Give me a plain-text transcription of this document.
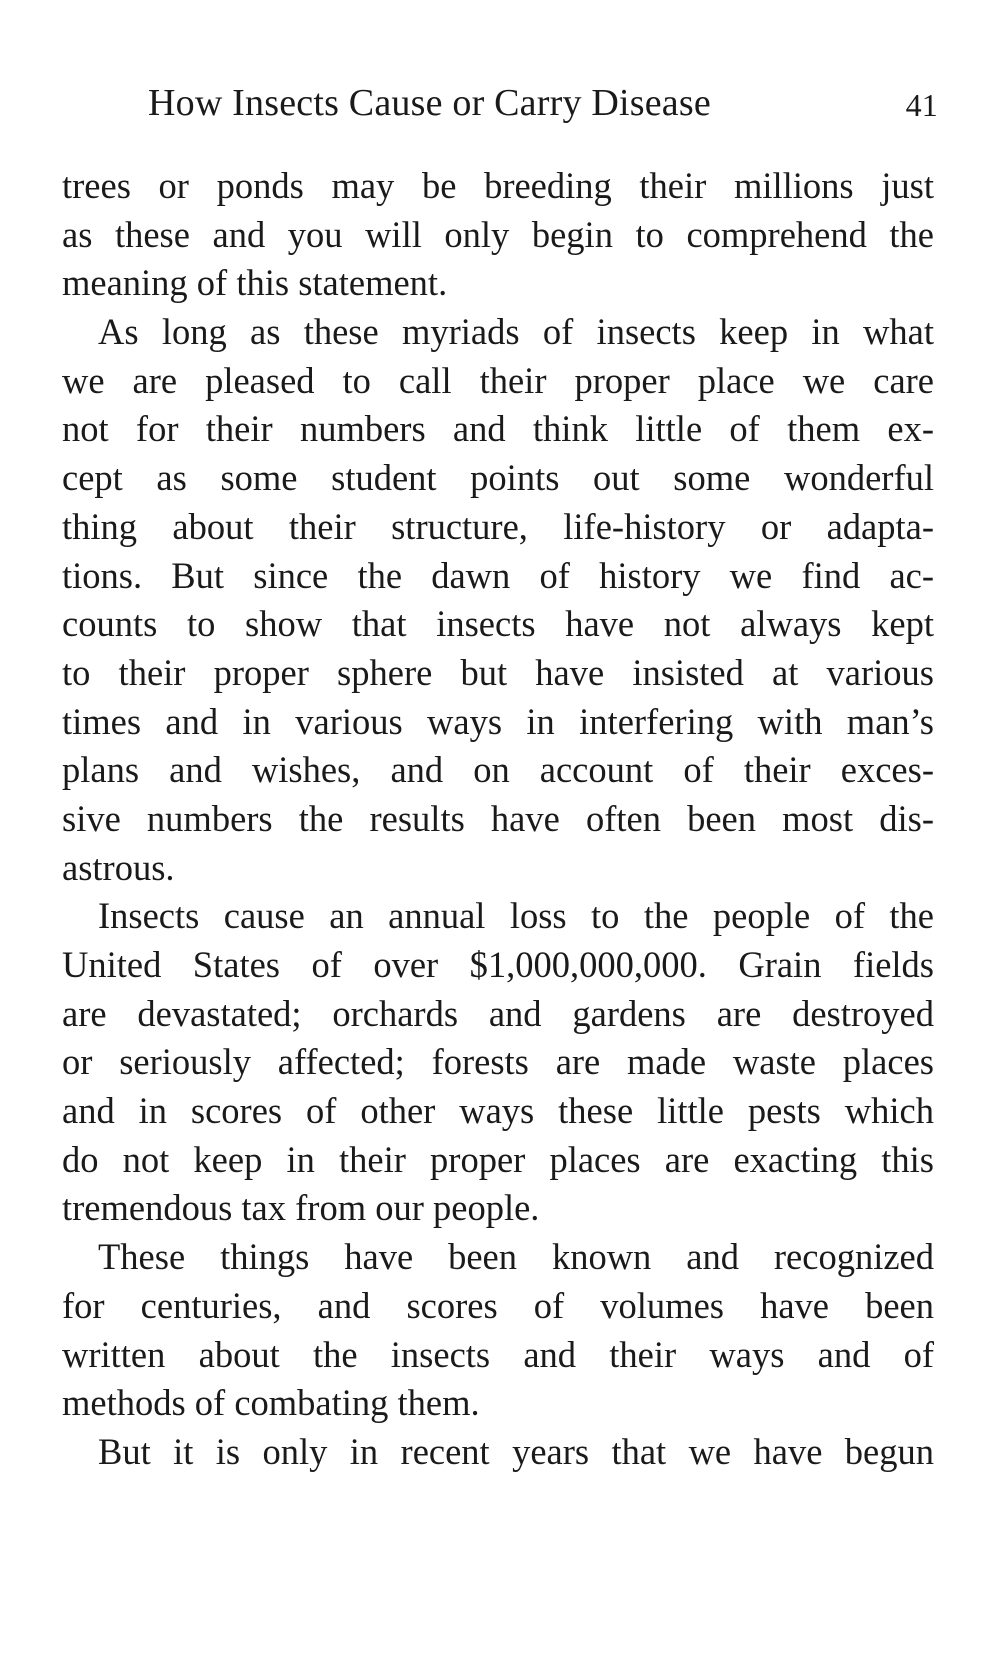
How Insects Cause or Carry Disease	41
trees or ponds may be breeding their millions just
as these and you will only begin to comprehend the
meaning of this statement.
As long as these myriads of insects keep in what
we are pleased to call their proper place we care
not for their numbers and think little of them ex-
cept as some student points out some wonderful
thing about their structure, life-history or adapta-
tions. But since the dawn of history we find ac-
counts to show that insects have not always kept
to their proper sphere but have insisted at various
times and in various ways in interfering with man’s
plans and wishes, and on account of their exces-
sive numbers the results have often been most dis-
astrous.
Insects cause an annual loss to the people of the
United States of over $1,000,000,000. Grain fields
are devastated; orchards and gardens are destroyed
or seriously affected; forests are made waste places
and in scores of other ways these little pests which
do not keep in their proper places are exacting this
tremendous tax from our people.
These things have been known and recognized
for centuries, and scores of volumes have been
written about the insects and their ways and of
methods of combating them.
But it is only in recent years that we have begun
